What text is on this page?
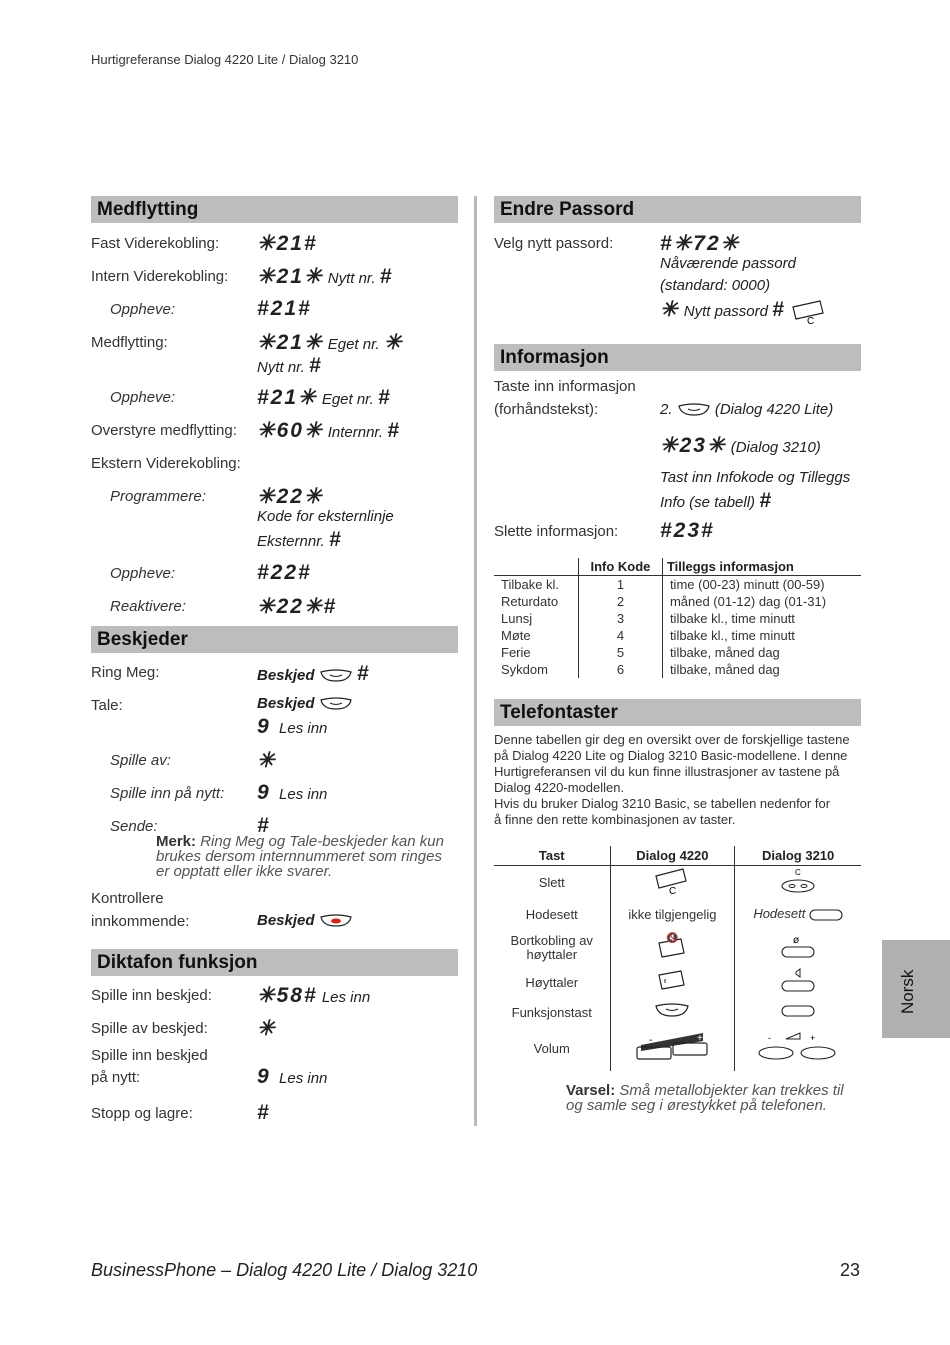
Hurtigreferanse Dialog 4220 Lite / Dialog 3210
Medflytting
Fast Viderekobling: ✳21#
Intern Viderekobling: ✳21✳ Nytt nr. #
Oppheve:	#21#
Medflytting:	✳21✳ Eget nr. ✳
Nytt nr. #
Oppheve:	#21✳ Eget nr. #
Overstyre medflytting: ✳60✳ Internnr. #
Ekstern Viderekobling:
Programmere: ✳22✳
Kode for eksternlinje
Eksternnr. #
Oppheve:	#22#
Reaktivere:	✳22✳#
Beskjeder
Ring Meg:	Beskjed #
Tale:	Beskjed
9 Les inn
Spille av:	✳
Spille inn på nytt: 9 Les inn
Sende:	#
Merk: Ring Meg og Tale-beskjeder kan kun
brukes dersom internnummeret som ringes
er opptatt eller ikke svarer.
Kontrollere
innkommende:	Beskjed
Diktafon funksjon
Spille inn beskjed: ✳58# Les inn
Spille av beskjed: ✳
Spille inn beskjed
på nytt:	9 Les inn
Stopp og lagre:	#
Endre Passord
Velg nytt passord: #✳72✳
Nåværende passord
(standard: 0000)
✳ Nytt passord #
C
Informasjon
Taste inn informasjon
(forhåndstekst):	2.	(Dialog 4220 Lite)
✳23✳ (Dialog 3210)
Tast inn Infokode og Tilleggs
Info (se tabell) #
Slette informasjon: #23#
	Info Kode	Tilleggs informasjon
Tilbake kl.	1	time (00-23) minutt (00-59)
Returdato	2	måned (01-12) dag (01-31)
Lunsj	3	tilbake kl., time minutt
Møte	4	tilbake kl., time minutt
Ferie	5	tilbake, måned dag
Sykdom	6	tilbake, måned dag
Telefontaster
Denne tabellen gir deg en oversikt over de forskjellige tastene
på Dialog 4220 Lite og Dialog 3210 Basic-modellene. I denne
Hurtigreferansen vil du kun finne illustrasjoner av tastene på
Dialog 4220-modellen.
Hvis du bruker Dialog 3210 Basic, se tabellen nedenfor for
å finne den rette kombinasjonen av taster.
Tast	Dialog 4220	Dialog 3210
Slett	C	C

Hodesett	ikke tilgjengelig	Hodesett

Bortkobling av
høyttaler	🔇	ø

Høyttaler		
Funksjonstast		
Volum	- +	- +
Varsel: Små metallobjekter kan trekkes til
og samle seg i ørestykket på telefonen.
Norsk
BusinessPhone – Dialog 4220 Lite / Dialog 3210	23
